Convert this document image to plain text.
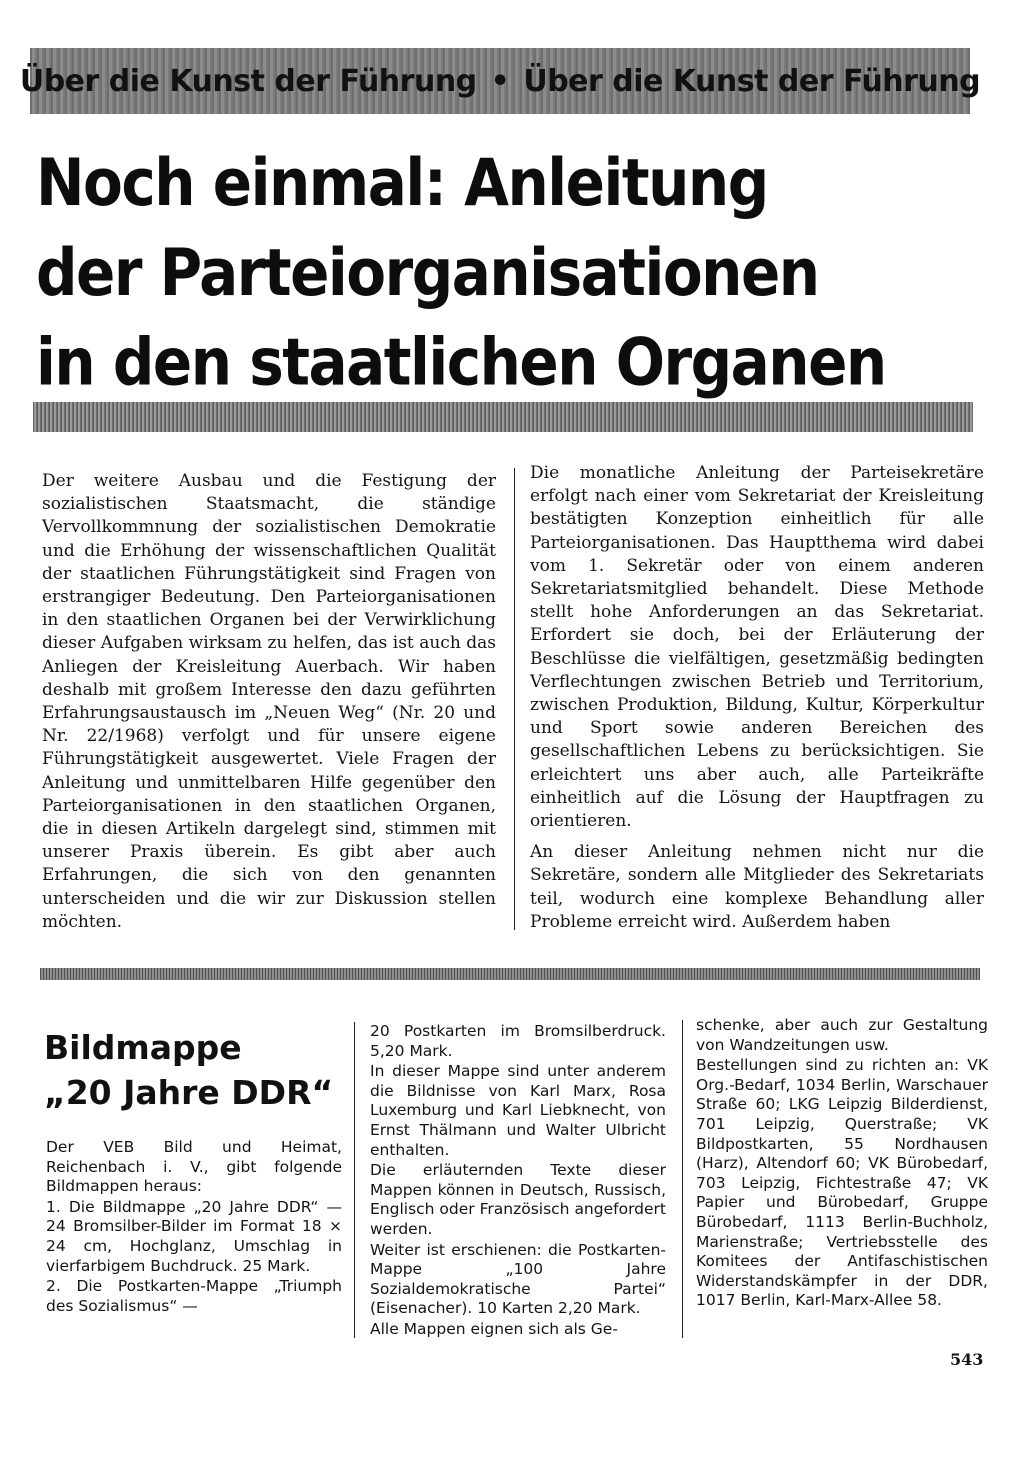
Über die Kunst der Führung • Über die Kunst der Führung
Noch einmal: Anleitung
der Parteiorganisationen
in den staatlichen Organen

Der weitere Ausbau und die Festigung der sozialistischen Staatsmacht, die ständige Vervollkommnung der sozialistischen Demokratie und die Erhöhung der wissenschaftlichen Qualität der staatlichen Führungstätigkeit sind Fragen von erstrangiger Bedeutung. Den Parteiorganisationen in den staatlichen Organen bei der Verwirklichung dieser Aufgaben wirksam zu helfen, das ist auch das Anliegen der Kreisleitung Auerbach. Wir haben deshalb mit großem Interesse den dazu geführten Erfahrungsaustausch im „Neuen Weg“ (Nr. 20 und Nr. 22/1968) verfolgt und für unsere eigene Führungstätigkeit ausgewertet. Viele Fragen der Anleitung und unmittelbaren Hilfe gegenüber den Parteiorganisationen in den staatlichen Organen, die in diesen Artikeln dargelegt sind, stimmen mit unserer Praxis überein. Es gibt aber auch Erfahrungen, die sich von den genannten unterscheiden und die wir zur Diskussion stellen möchten.

Die monatliche Anleitung der Parteisekretäre erfolgt nach einer vom Sekretariat der Kreisleitung bestätigten Konzeption einheitlich für alle Parteiorganisationen. Das Hauptthema wird dabei vom 1. Sekretär oder von einem anderen Sekretariatsmitglied behandelt. Diese Methode stellt hohe Anforderungen an das Sekretariat. Erfordert sie doch, bei der Erläuterung der Beschlüsse die vielfältigen, gesetzmäßig bedingten Verflechtungen zwischen Betrieb und Territorium, zwischen Produktion, Bildung, Kultur, Körperkultur und Sport sowie anderen Bereichen des gesellschaftlichen Lebens zu berücksichtigen. Sie erleichtert uns aber auch, alle Parteikräfte einheitlich auf die Lösung der Hauptfragen zu orientieren.

An dieser Anleitung nehmen nicht nur die Sekretäre, sondern alle Mitglieder des Sekretariats teil, wodurch eine komplexe Behandlung aller Probleme erreicht wird. Außerdem haben

Bildmappe
„20 Jahre DDR“

Der VEB Bild und Heimat, Reichenbach i. V., gibt folgende Bildmappen heraus:

1. Die Bildmappe „20 Jahre DDR“ — 24 Bromsilber-Bilder im Format 18 × 24 cm, Hochglanz, Umschlag in vierfarbigem Buchdruck. 25 Mark.

2. Die Postkarten-Mappe „Triumph des Sozialismus“ —

20 Postkarten im Bromsilberdruck. 5,20 Mark.

In dieser Mappe sind unter anderem die Bildnisse von Karl Marx, Rosa Luxemburg und Karl Liebknecht, von Ernst Thälmann und Walter Ulbricht enthalten.

Die erläuternden Texte dieser Mappen können in Deutsch, Russisch, Englisch oder Französisch angefordert werden.

Weiter ist erschienen: die Postkarten-Mappe „100 Jahre Sozialdemokratische Partei“ (Eisenacher). 10 Karten 2,20 Mark.

Alle Mappen eignen sich als Ge-

schenke, aber auch zur Gestaltung von Wandzeitungen usw.

Bestellungen sind zu richten an: VK Org.-Bedarf, 1034 Berlin, Warschauer Straße 60; LKG Leipzig Bilderdienst, 701 Leipzig, Querstraße; VK Bildpostkarten, 55 Nordhausen (Harz), Altendorf 60; VK Bürobedarf, 703 Leipzig, Fichtestraße 47; VK Papier und Bürobedarf, Gruppe Bürobedarf, 1113 Berlin-Buchholz, Marienstraße; Vertriebsstelle des Komitees der Antifaschistischen Widerstandskämpfer in der DDR, 1017 Berlin, Karl-Marx-Allee 58.

543
